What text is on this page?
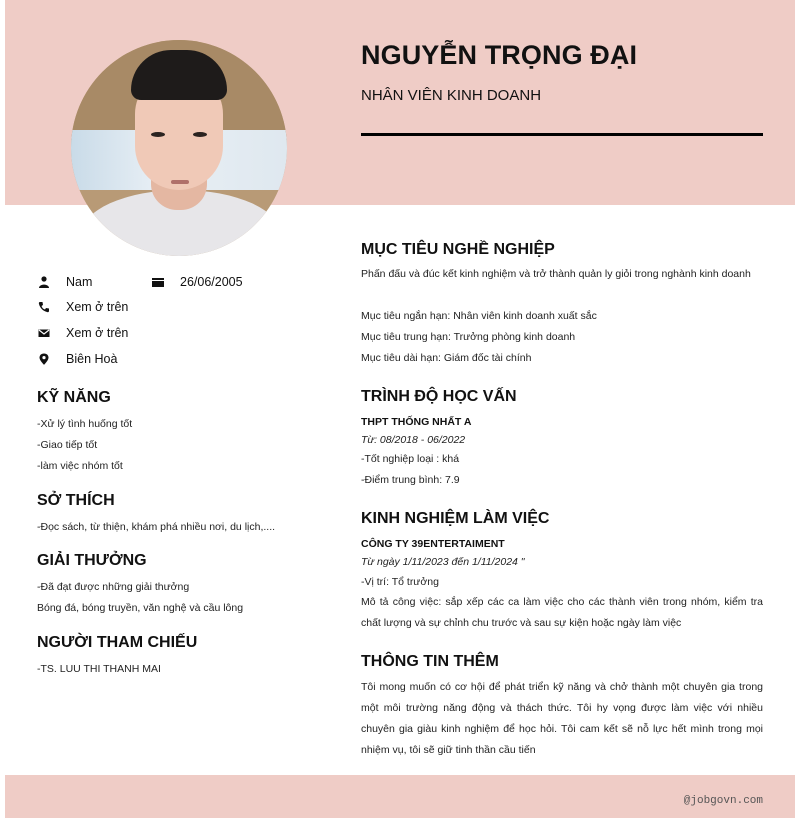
NGUYỄN TRỌNG ĐẠI
NHÂN VIÊN KINH DOANH
Nam	26/06/2005
Xem ở trên
Xem ở trên
Biên Hoà
KỸ NĂNG
-Xử lý tình huống tốt
-Giao tiếp tốt
-làm việc nhóm tốt
SỞ THÍCH
-Đọc sách, từ thiện, khám phá nhiều nơi, du lịch,....
GIẢI THƯỞNG
-Đã đạt được những giải thưởng
Bóng đá, bóng truyền, văn nghệ và cầu lông
NGƯỜI THAM CHIẾU
-TS. LUU THI THANH MAI
MỤC TIÊU NGHỀ NGHIỆP
Phấn đấu và đúc kết kinh nghiệm và trở thành quản ly giỏi trong nghành kinh doanh
Mục tiêu ngắn hạn: Nhân viên kinh doanh xuất sắc
Mục tiêu trung hạn: Trưởng phòng kinh doanh
Mục tiêu dài hạn: Giám đốc tài chính
TRÌNH ĐỘ HỌC VẤN
THPT THỐNG NHẤT A
Từ: 08/2018 - 06/2022
-Tốt nghiệp loại : khá
-Điểm trung bình: 7.9
KINH NGHIỆM LÀM VIỆC
CÔNG TY 39ENTERTAIMENT
Từ ngày 1/11/2023 đến 1/11/2024 "
-Vị trí: Tổ trưởng
Mô tả công việc: sắp xếp các ca làm việc cho các thành viên trong nhóm, kiểm tra chất lượng và sự chỉnh chu trước và sau sự kiện hoặc ngày làm việc
THÔNG TIN THÊM
Tôi mong muốn có cơ hội để phát triển kỹ năng và chở thành một chuyên gia trong một môi trường năng động và thách thức. Tôi hy vọng được làm việc với nhiều chuyên gia giàu kinh nghiệm để học hỏi. Tôi cam kết sẽ nỗ lực hết mình trong mọi nhiệm vụ, tôi sẽ giữ tinh thần cầu tiến
@jobgovn.com
